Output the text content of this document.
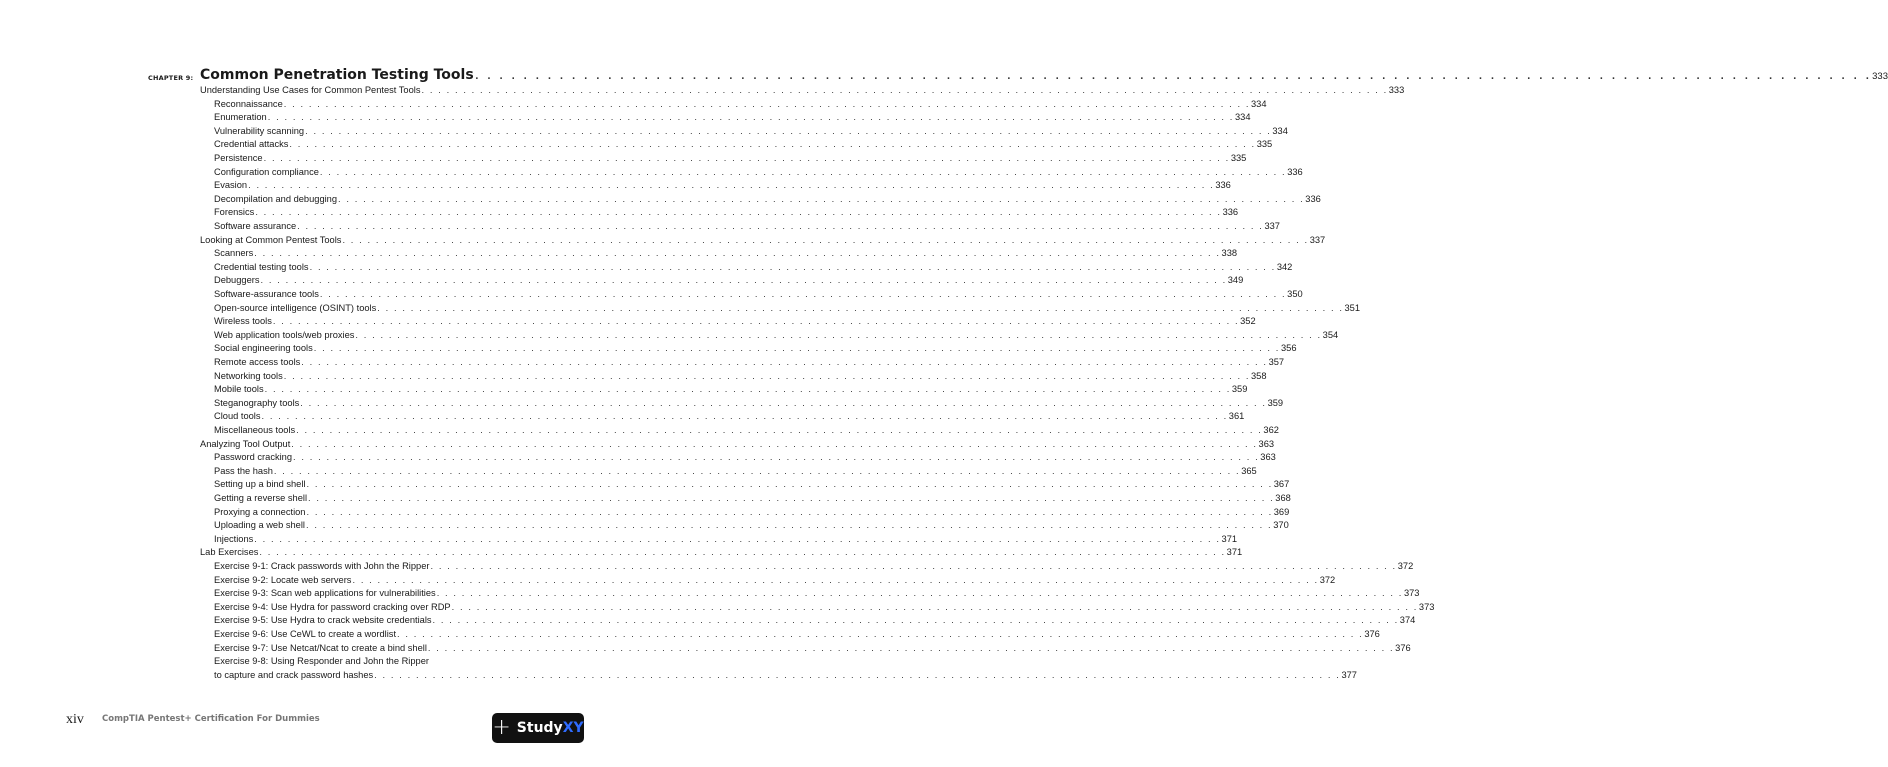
CHAPTER 9: Common Penetration Testing Tools . . .	333
Understanding Use Cases for Common Pentest Tools . . .	333
Reconnaissance . . .	334
Enumeration . . .	334
Vulnerability scanning . . .	334
Credential attacks . . .	335
Persistence . . .	335
Configuration compliance . . .	336
Evasion . . .	336
Decompilation and debugging . . .	336
Forensics . . .	336
Software assurance . . .	337
Looking at Common Pentest Tools . . .	337
Scanners . . .	338
Credential testing tools . . .	342
Debuggers . . .	349
Software-assurance tools . . .	350
Open-source intelligence (OSINT) tools . . .	351
Wireless tools . . .	352
Web application tools/web proxies . . .	354
Social engineering tools . . .	356
Remote access tools . . .	357
Networking tools . . .	358
Mobile tools . . .	359
Steganography tools . . .	359
Cloud tools . . .	361
Miscellaneous tools . . .	362
Analyzing Tool Output . . .	363
Password cracking . . .	363
Pass the hash . . .	365
Setting up a bind shell . . .	367
Getting a reverse shell . . .	368
Proxying a connection . . .	369
Uploading a web shell . . .	370
Injections . . .	371
Lab Exercises . . .	371
Exercise 9-1: Crack passwords with John the Ripper . . .	372
Exercise 9-2: Locate web servers . . .	372
Exercise 9-3: Scan web applications for vulnerabilities . . .	373
Exercise 9-4: Use Hydra for password cracking over RDP . . .	373
Exercise 9-5: Use Hydra to crack website credentials . . .	374
Exercise 9-6: Use CeWL to create a wordlist . . .	376
Exercise 9-7: Use Netcat/Ncat to create a bind shell . . .	376
Exercise 9-8: Using Responder and John the Ripper
to capture and crack password hashes . . .	377
xiv CompTIA Pentest+ Certification For Dummies	+ StudyXY
